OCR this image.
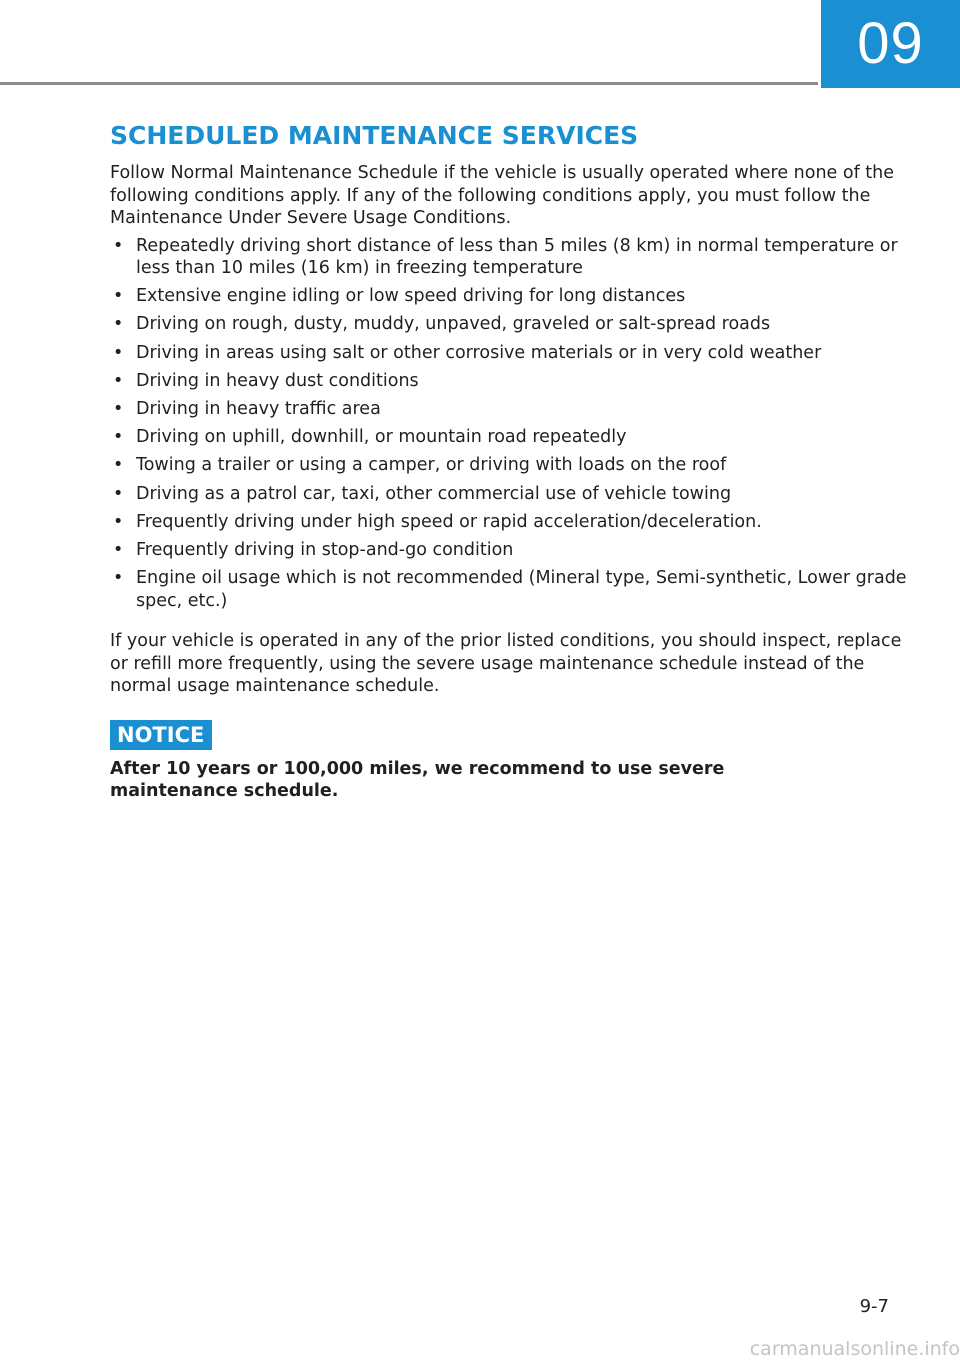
09
SCHEDULED MAINTENANCE SERVICES

Follow Normal Maintenance Schedule if the vehicle is usually operated where none of the following conditions apply. If any of the following conditions apply, you must follow the Maintenance Under Severe Usage Conditions.

• Repeatedly driving short distance of less than 5 miles (8 km) in normal temperature or less than 10 miles (16 km) in freezing temperature
• Extensive engine idling or low speed driving for long distances
• Driving on rough, dusty, muddy, unpaved, graveled or salt-spread roads
• Driving in areas using salt or other corrosive materials or in very cold weather
• Driving in heavy dust conditions
• Driving in heavy traffic area
• Driving on uphill, downhill, or mountain road repeatedly
• Towing a trailer or using a camper, or driving with loads on the roof
• Driving as a patrol car, taxi, other commercial use of vehicle towing
• Frequently driving under high speed or rapid acceleration/deceleration.
• Frequently driving in stop-and-go condition
• Engine oil usage which is not recommended (Mineral type, Semi-synthetic, Lower grade spec, etc.)

If your vehicle is operated in any of the prior listed conditions, you should inspect, replace or refill more frequently, using the severe usage maintenance schedule instead of the normal usage maintenance schedule.

NOTICE

After 10 years or 100,000 miles, we recommend to use severe maintenance schedule.

9-7
carmanualsonline.info
